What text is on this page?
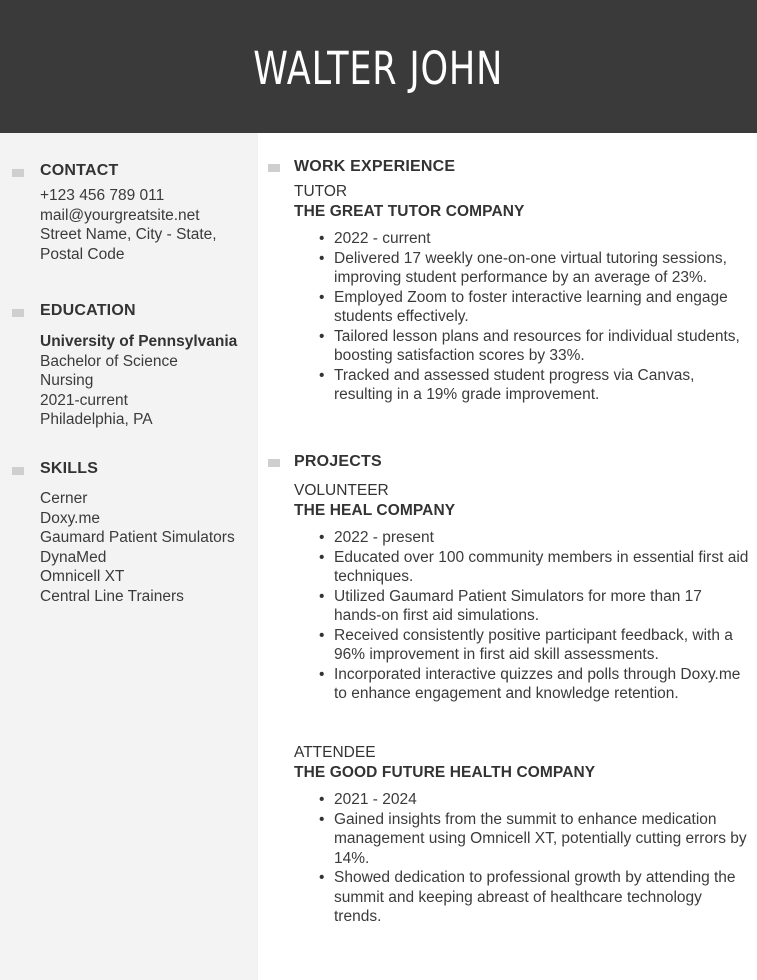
WALTER JOHN
CONTACT
+123 456 789 011
mail@yourgreatsite.net
Street Name, City - State,
Postal Code
EDUCATION
University of Pennsylvania
Bachelor of Science
Nursing
2021-current
Philadelphia, PA
SKILLS
Cerner
Doxy.me
Gaumard Patient Simulators
DynaMed
Omnicell XT
Central Line Trainers
WORK EXPERIENCE
TUTOR
THE GREAT TUTOR COMPANY
• 2022 - current
• Delivered 17 weekly one-on-one virtual tutoring sessions, improving student performance by an average of 23%.
• Employed Zoom to foster interactive learning and engage students effectively.
• Tailored lesson plans and resources for individual students, boosting satisfaction scores by 33%.
• Tracked and assessed student progress via Canvas, resulting in a 19% grade improvement.
PROJECTS
VOLUNTEER
THE HEAL COMPANY
• 2022 - present
• Educated over 100 community members in essential first aid techniques.
• Utilized Gaumard Patient Simulators for more than 17 hands-on first aid simulations.
• Received consistently positive participant feedback, with a 96% improvement in first aid skill assessments.
• Incorporated interactive quizzes and polls through Doxy.me to enhance engagement and knowledge retention.
ATTENDEE
THE GOOD FUTURE HEALTH COMPANY
• 2021 - 2024
• Gained insights from the summit to enhance medication management using Omnicell XT, potentially cutting errors by 14%.
• Showed dedication to professional growth by attending the summit and keeping abreast of healthcare technology trends.
